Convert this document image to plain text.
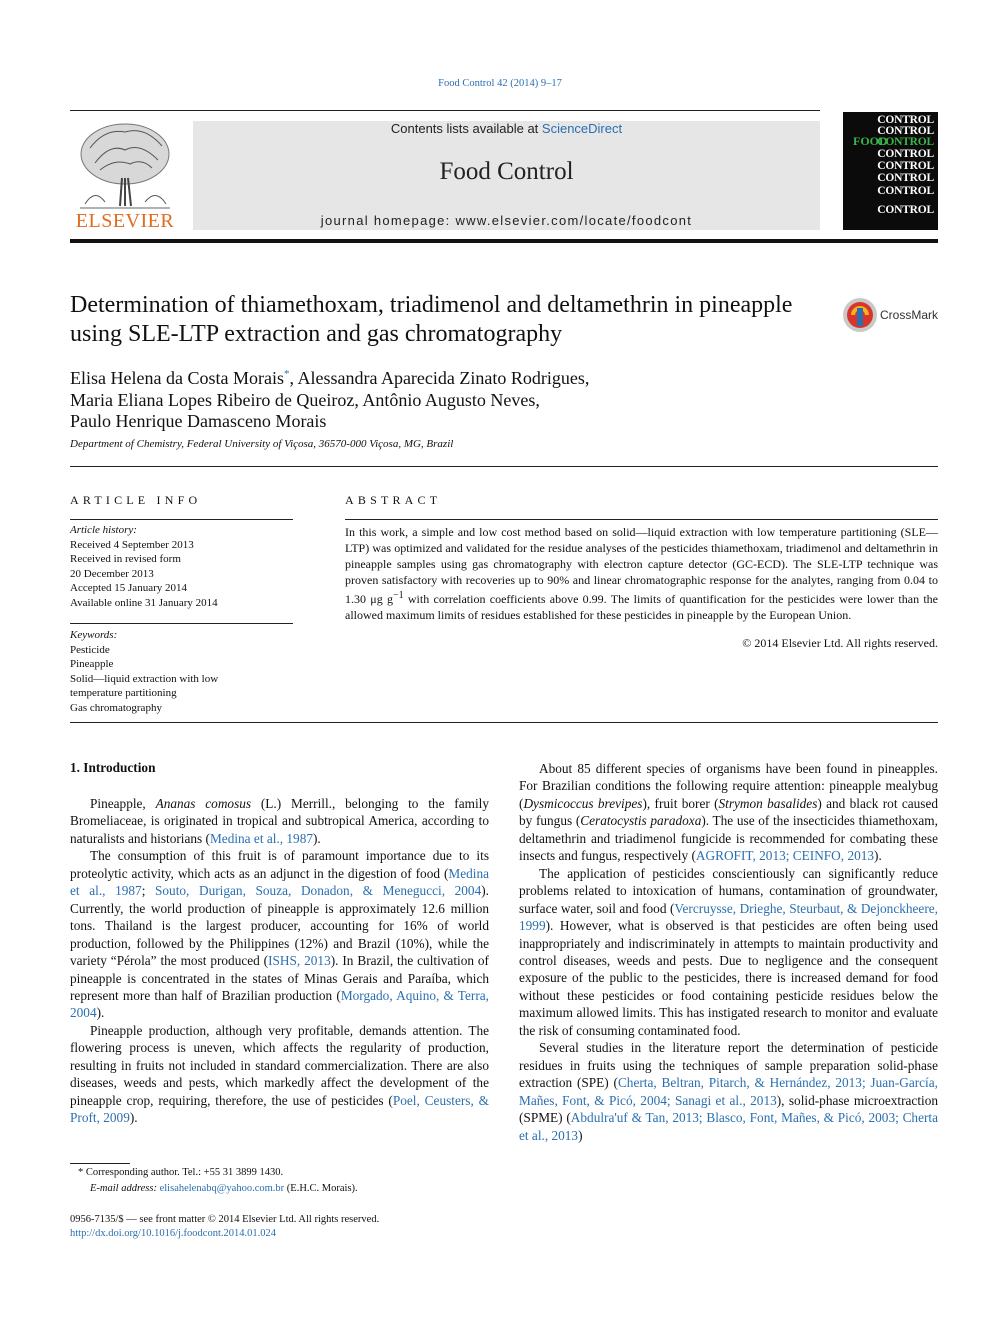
Food Control 42 (2014) 9–17
ELSEVIER
Contents lists available at ScienceDirect
Food Control
journal homepage: www.elsevier.com/locate/foodcont
CONTROL
CONTROL
FOOD
CONTROL
CONTROL
CONTROL
CONTROL
CONTROL
CONTROL
Determination of thiamethoxam, triadimenol and deltamethrin in pineapple using SLE-LTP extraction and gas chromatography
CrossMark
Elisa Helena da Costa Morais*, Alessandra Aparecida Zinato Rodrigues,
Maria Eliana Lopes Ribeiro de Queiroz, Antônio Augusto Neves,
Paulo Henrique Damasceno Morais
Department of Chemistry, Federal University of Viçosa, 36570-000 Viçosa, MG, Brazil
ARTICLE INFO
Article history:
Received 4 September 2013
Received in revised form
20 December 2013
Accepted 15 January 2014
Available online 31 January 2014
Keywords:
Pesticide
Pineapple
Solid—liquid extraction with low
temperature partitioning
Gas chromatography
ABSTRACT
In this work, a simple and low cost method based on solid—liquid extraction with low temperature partitioning (SLE—LTP) was optimized and validated for the residue analyses of the pesticides thiamethoxam, triadimenol and deltamethrin in pineapple samples using gas chromatography with electron capture detector (GC-ECD). The SLE-LTP technique was proven satisfactory with recoveries up to 90% and linear chromatographic response for the analytes, ranging from 0.04 to 1.30 μg $g^{-1}$ with correlation coefficients above 0.99. The limits of quantification for the pesticides were lower than the allowed maximum limits of residues established for these pesticides in pineapple by the European Union.
© 2014 Elsevier Ltd. All rights reserved.
1. Introduction

Pineapple, Ananas comosus (L.) Merrill., belonging to the family Bromeliaceae, is originated in tropical and subtropical America, according to naturalists and historians (Medina et al., 1987).

The consumption of this fruit is of paramount importance due to its proteolytic activity, which acts as an adjunct in the digestion of food (Medina et al., 1987; Souto, Durigan, Souza, Donadon, & Menegucci, 2004). Currently, the world production of pineapple is approximately 12.6 million tons. Thailand is the largest producer, accounting for 16% of world production, followed by the Philippines (12%) and Brazil (10%), while the variety “Pérola” the most produced (ISHS, 2013). In Brazil, the cultivation of pineapple is concentrated in the states of Minas Gerais and Paraíba, which represent more than half of Brazilian production (Morgado, Aquino, & Terra, 2004).

Pineapple production, although very profitable, demands attention. The flowering process is uneven, which affects the regularity of production, resulting in fruits not included in standard commercialization. There are also diseases, weeds and pests, which markedly affect the development of the pineapple crop, requiring, therefore, the use of pesticides (Poel, Ceusters, & Proft, 2009).

About 85 different species of organisms have been found in pineapples. For Brazilian conditions the following require attention: pineapple mealybug (Dysmicoccus brevipes), fruit borer (Strymon basalides) and black rot caused by fungus (Ceratocystis paradoxa). The use of the insecticides thiamethoxam, deltamethrin and triadimenol fungicide is recommended for combating these insects and fungus, respectively (AGROFIT, 2013; CEINFO, 2013).

The application of pesticides conscientiously can significantly reduce problems related to intoxication of humans, contamination of groundwater, surface water, soil and food (Vercruysse, Drieghe, Steurbaut, & Dejonckheere, 1999). However, what is observed is that pesticides are often being used inappropriately and indiscriminately in attempts to maintain productivity and control diseases, weeds and pests. Due to negligence and the consequent exposure of the public to the pesticides, there is increased demand for food without these pesticides or food containing pesticide residues below the maximum allowed limits. This has instigated research to monitor and evaluate the risk of consuming contaminated food.

Several studies in the literature report the determination of pesticide residues in fruits using the techniques of sample preparation solid-phase extraction (SPE) (Cherta, Beltran, Pitarch, & Hernández, 2013; Juan-García, Mañes, Font, & Picó, 2004; Sanagi et al., 2013), solid-phase microextraction (SPME) (Abdulra'uf & Tan, 2013; Blasco, Font, Mañes, & Picó, 2003; Cherta et al., 2013)

* Corresponding author. Tel.: +55 31 3899 1430.
E-mail address: elisahelenabq@yahoo.com.br (E.H.C. Morais).
0956-7135/$ — see front matter © 2014 Elsevier Ltd. All rights reserved.
http://dx.doi.org/10.1016/j.foodcont.2014.01.024
